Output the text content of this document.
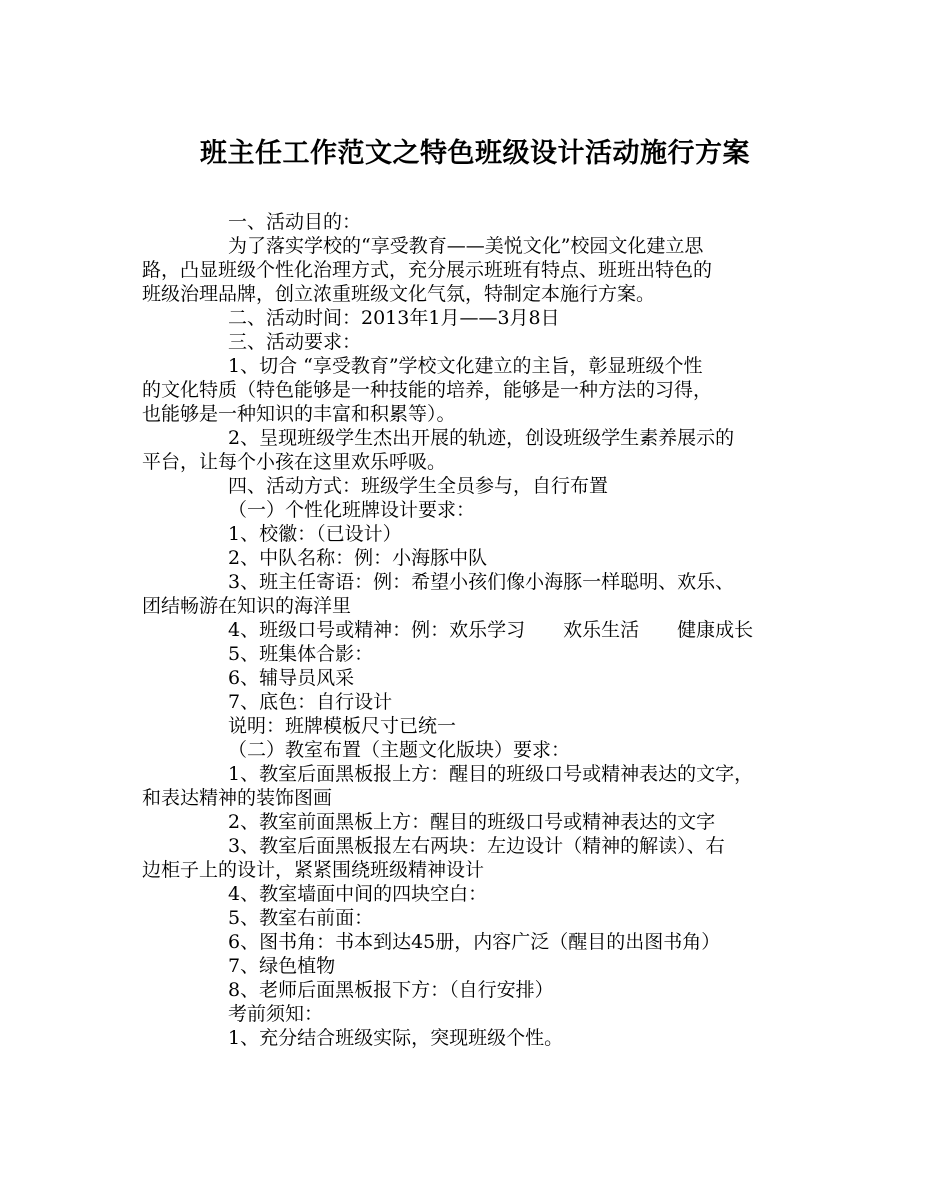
班主任工作范文之特色班级设计活动施行方案

一、活动目的：

为了落实学校的“享受教育——美悦文化”校园文化建立思

路，凸显班级个性化治理方式，充分展示班班有特点、班班出特色的

班级治理品牌，创立浓重班级文化气氛，特制定本施行方案。

二、活动时间：2013年1月——3月8日

三、活动要求：

1、切合 “享受教育”学校文化建立的主旨，彰显班级个性

的文化特质（特色能够是一种技能的培养，能够是一种方法的习得，

也能够是一种知识的丰富和积累等）。

2、呈现班级学生杰出开展的轨迹，创设班级学生素养展示的

平台，让每个小孩在这里欢乐呼吸。

四、活动方式：班级学生全员参与，自行布置

（一）个性化班牌设计要求：

1、校徽：（已设计）

2、中队名称：例：小海豚中队

3、班主任寄语：例：希望小孩们像小海豚一样聪明、欢乐、

团结畅游在知识的海洋里

4、班级口号或精神：例：欢乐学习　　欢乐生活　　健康成长

5、班集体合影：

6、辅导员风采

7、底色：自行设计

说明：班牌模板尺寸已统一

（二）教室布置（主题文化版块）要求：

1、教室后面黑板报上方：醒目的班级口号或精神表达的文字，

和表达精神的装饰图画

2、教室前面黑板上方：醒目的班级口号或精神表达的文字

3、教室后面黑板报左右两块：左边设计（精神的解读）、右

边柜子上的设计，紧紧围绕班级精神设计

4、教室墙面中间的四块空白：

5、教室右前面：

6、图书角：书本到达45册，内容广泛（醒目的出图书角）

7、绿色植物

8、老师后面黑板报下方：（自行安排）

考前须知：

1、充分结合班级实际，突现班级个性。
